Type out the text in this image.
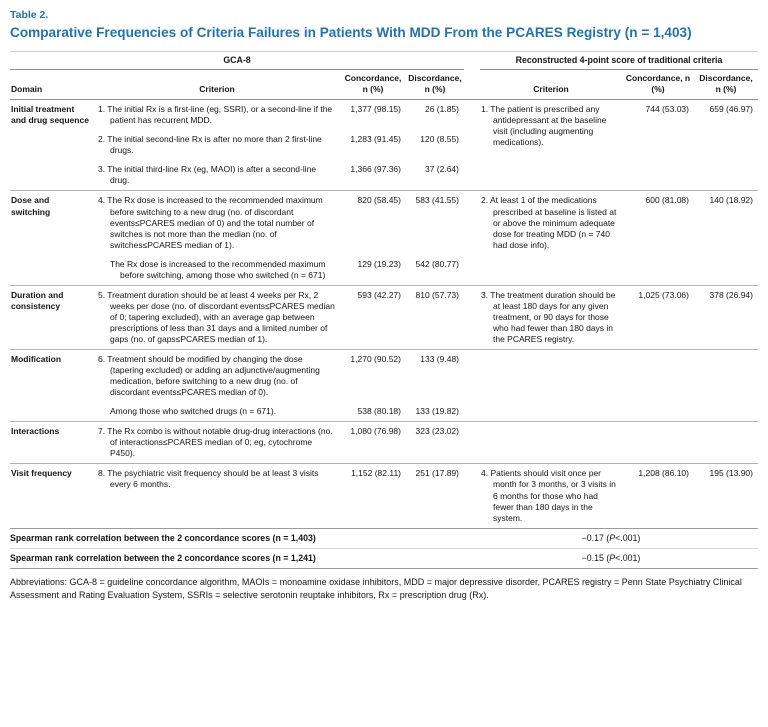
Table 2.
Comparative Frequencies of Criteria Failures in Patients With MDD From the PCARES Registry (n = 1,403)
GCA-8					Reconstructed 4-point score of traditional criteria		
Domain	Criterion	Concordance, n (%)	Discordance, n (%)		Criterion	Concordance, n (%)	Discordance, n (%)
Initial treatment and drug sequence	1. The initial Rx is a first-line (eg, SSRI), or a second-line if the patient has recurrent MDD.	1,377 (98.15)	26 (1.85)		1. The patient is prescribed any antidepressant at the baseline visit (including augmenting medications).	744 (53.03)	659 (46.97)
	2. The initial second-line Rx is after no more than 2 first-line drugs.	1,283 (91.45)	120 (8.55)				
	3. The initial third-line Rx (eg, MAOI) is after a second-line drug.	1,366 (97.36)	37 (2.64)				
Dose and switching	4. The Rx dose is increased to the recommended maximum before switching to a new drug (no. of discordant events≤PCARES median of 0) and the total number of switches is not more than the median (no. of switches≤PCARES median of 1).	820 (58.45)	583 (41.55)		2. At least 1 of the medications prescribed at baseline is listed at or above the minimum adequate dose for treating MDD (n = 740 had dose info).	600 (81.08)	140 (18.92)
	The Rx dose is increased to the recommended maximum before switching, among those who switched (n = 671)	129 (19.23)	542 (80.77)				
Duration and consistency	5. Treatment duration should be at least 4 weeks per Rx, 2 weeks per dose (no. of discordant events≤PCARES median of 0; tapering excluded), with an average gap between prescriptions of less than 31 days and a limited number of gaps (no. of gaps≤PCARES median of 1).	593 (42.27)	810 (57.73)		3. The treatment duration should be at least 180 days for any given treatment, or 90 days for those who had fewer than 180 days in the PCARES registry.	1,025 (73.06)	378 (26.94)
Modification	6. Treatment should be modified by changing the dose (tapering excluded) or adding an adjunctive/augmenting medication, before switching to a new drug (no. of discordant events≤PCARES median of 0).	1,270 (90.52)	133 (9.48)				
	Among those who switched drugs (n = 671).	538 (80.18)	133 (19.82)				
Interactions	7. The Rx combo is without notable drug-drug interactions (no. of interactions≤PCARES median of 0; eg, cytochrome P450).	1,080 (76.98)	323 (23.02)				
Visit frequency	8. The psychiatric visit frequency should be at least 3 visits every 6 months.	1,152 (82.11)	251 (17.89)		4. Patients should visit once per month for 3 months, or 3 visits in 6 months for those who had fewer than 180 days in the system.	1,208 (86.10)	195 (13.90)
Spearman rank correlation between the 2 concordance scores (n = 1,403)				−0.17 (P<.001)			
Spearman rank correlation between the 2 concordance scores (n = 1,241)				−0.15 (P<.001)			

Abbreviations: GCA-8 = guideline concordance algorithm, MAOIs = monoamine oxidase inhibitors, MDD = major depressive disorder, PCARES registry = Penn State Psychiatry Clinical Assessment and Rating Evaluation System, SSRIs = selective serotonin reuptake inhibitors, Rx = prescription drug (Rx).
